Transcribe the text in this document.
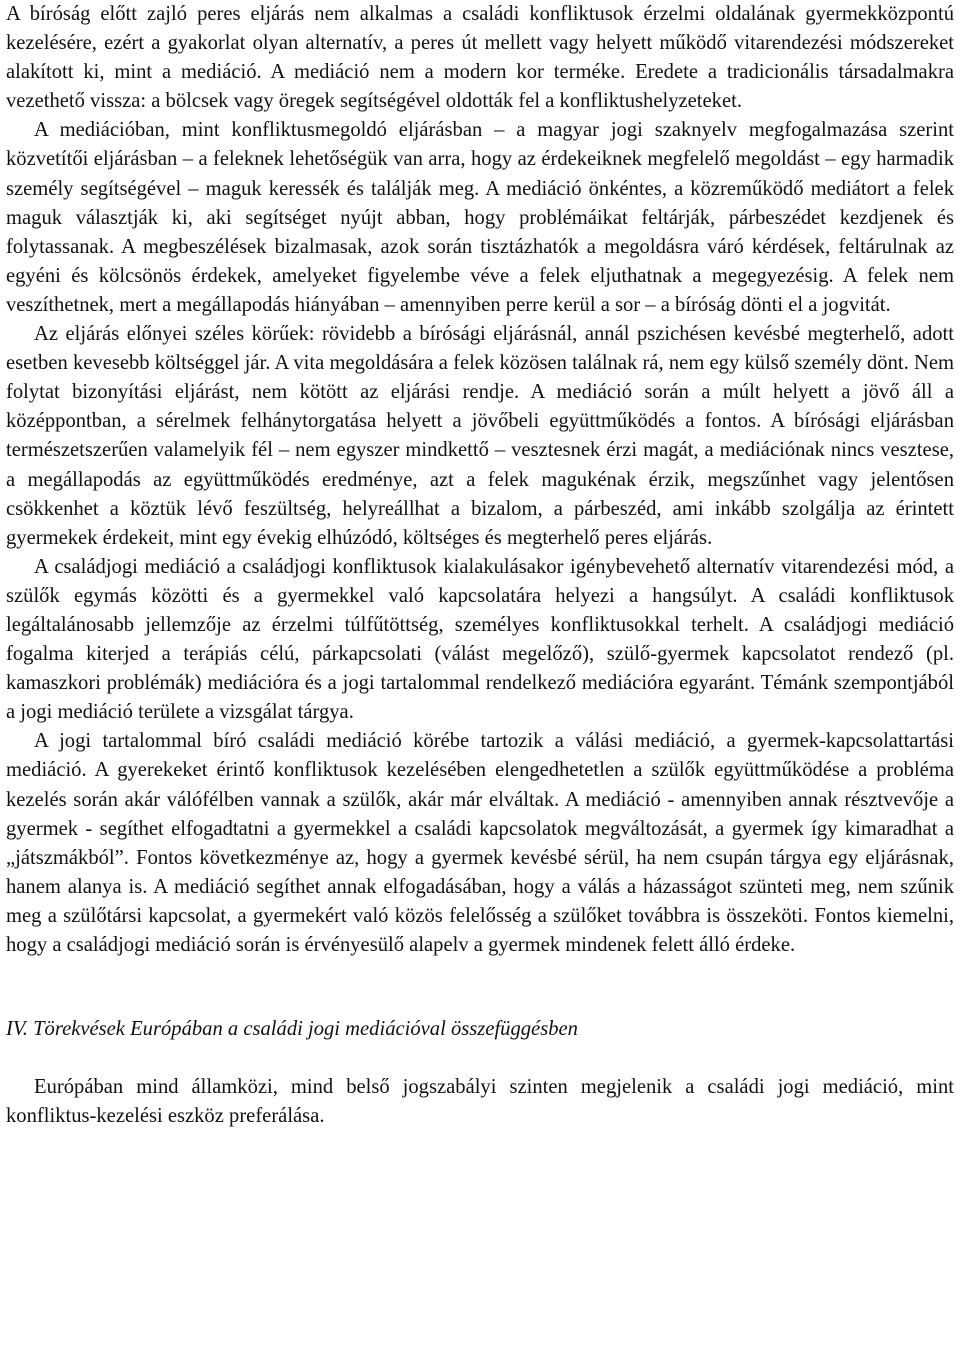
A bíróság előtt zajló peres eljárás nem alkalmas a családi konfliktusok érzelmi oldalának gyermekközpontú kezelésére, ezért a gyakorlat olyan alternatív, a peres út mellett vagy helyett működő vitarendezési módszereket alakított ki, mint a mediáció. A mediáció nem a modern kor terméke. Eredete a tradicionális társadalmakra vezethető vissza: a bölcsek vagy öregek segítségével oldották fel a konfliktushelyzeteket.

A mediációban, mint konfliktusmegoldó eljárásban – a magyar jogi szaknyelv megfogalmazása szerint közvetítői eljárásban – a feleknek lehetőségük van arra, hogy az érdekeiknek megfelelő megoldást – egy harmadik személy segítségével – maguk keressék és találják meg. A mediáció önkéntes, a közreműködő mediátort a felek maguk választják ki, aki segítséget nyújt abban, hogy problémáikat feltárják, párbeszédet kezdjenek és folytassanak. A megbeszélések bizalmasak, azok során tisztázhatók a megoldásra váró kérdések, feltárulnak az egyéni és kölcsönös érdekek, amelyeket figyelembe véve a felek eljuthatnak a megegyezésig. A felek nem veszíthetnek, mert a megállapodás hiányában – amennyiben perre kerül a sor – a bíróság dönti el a jogvitát.

Az eljárás előnyei széles körűek: rövidebb a bírósági eljárásnál, annál pszichésen kevésbé megterhelő, adott esetben kevesebb költséggel jár. A vita megoldására a felek közösen találnak rá, nem egy külső személy dönt. Nem folytat bizonyítási eljárást, nem kötött az eljárási rendje. A mediáció során a múlt helyett a jövő áll a középpontban, a sérelmek felhánytorgatása helyett a jövőbeli együttműködés a fontos. A bírósági eljárásban természetszerűen valamelyik fél – nem egyszer mindkettő – vesztesnek érzi magát, a mediációnak nincs vesztese, a megállapodás az együttműködés eredménye, azt a felek magukénak érzik, megszűnhet vagy jelentősen csökkenhet a köztük lévő feszültség, helyreállhat a bizalom, a párbeszéd, ami inkább szolgálja az érintett gyermekek érdekeit, mint egy évekig elhúzódó, költséges és megterhelő peres eljárás.

A családjogi mediáció a családjogi konfliktusok kialakulásakor igénybevehető alternatív vitarendezési mód, a szülők egymás közötti és a gyermekkel való kapcsolatára helyezi a hangsúlyt. A családi konfliktusok legáltalánosabb jellemzője az érzelmi túlfűtöttség, személyes konfliktusokkal terhelt. A családjogi mediáció fogalma kiterjed a terápiás célú, párkapcsolati (válást megelőző), szülő-gyermek kapcsolatot rendező (pl. kamaszkori problémák) mediációra és a jogi tartalommal rendelkező mediációra egyaránt. Témánk szempontjából a jogi mediáció területe a vizsgálat tárgya.

A jogi tartalommal bíró családi mediáció körébe tartozik a válási mediáció, a gyermek-kapcsolattartási mediáció. A gyerekeket érintő konfliktusok kezelésében elengedhetetlen a szülők együttműködése a probléma kezelés során akár válófélben vannak a szülők, akár már elváltak. A mediáció - amennyiben annak résztvevője a gyermek - segíthet elfogadtatni a gyermekkel a családi kapcsolatok megváltozását, a gyermek így kimaradhat a „játszmákból”. Fontos következménye az, hogy a gyermek kevésbé sérül, ha nem csupán tárgya egy eljárásnak, hanem alanya is. A mediáció segíthet annak elfogadásában, hogy a válás a házasságot szünteti meg, nem szűnik meg a szülőtársi kapcsolat, a gyermekért való közös felelősség a szülőket továbbra is összeköti. Fontos kiemelni, hogy a családjogi mediáció során is érvényesülő alapelv a gyermek mindenek felett álló érdeke.

IV. Törekvések Európában a családi jogi mediációval összefüggésben

Európában mind államközi, mind belső jogszabályi szinten megjelenik a családi jogi mediáció, mint konfliktus-kezelési eszköz preferálása.
